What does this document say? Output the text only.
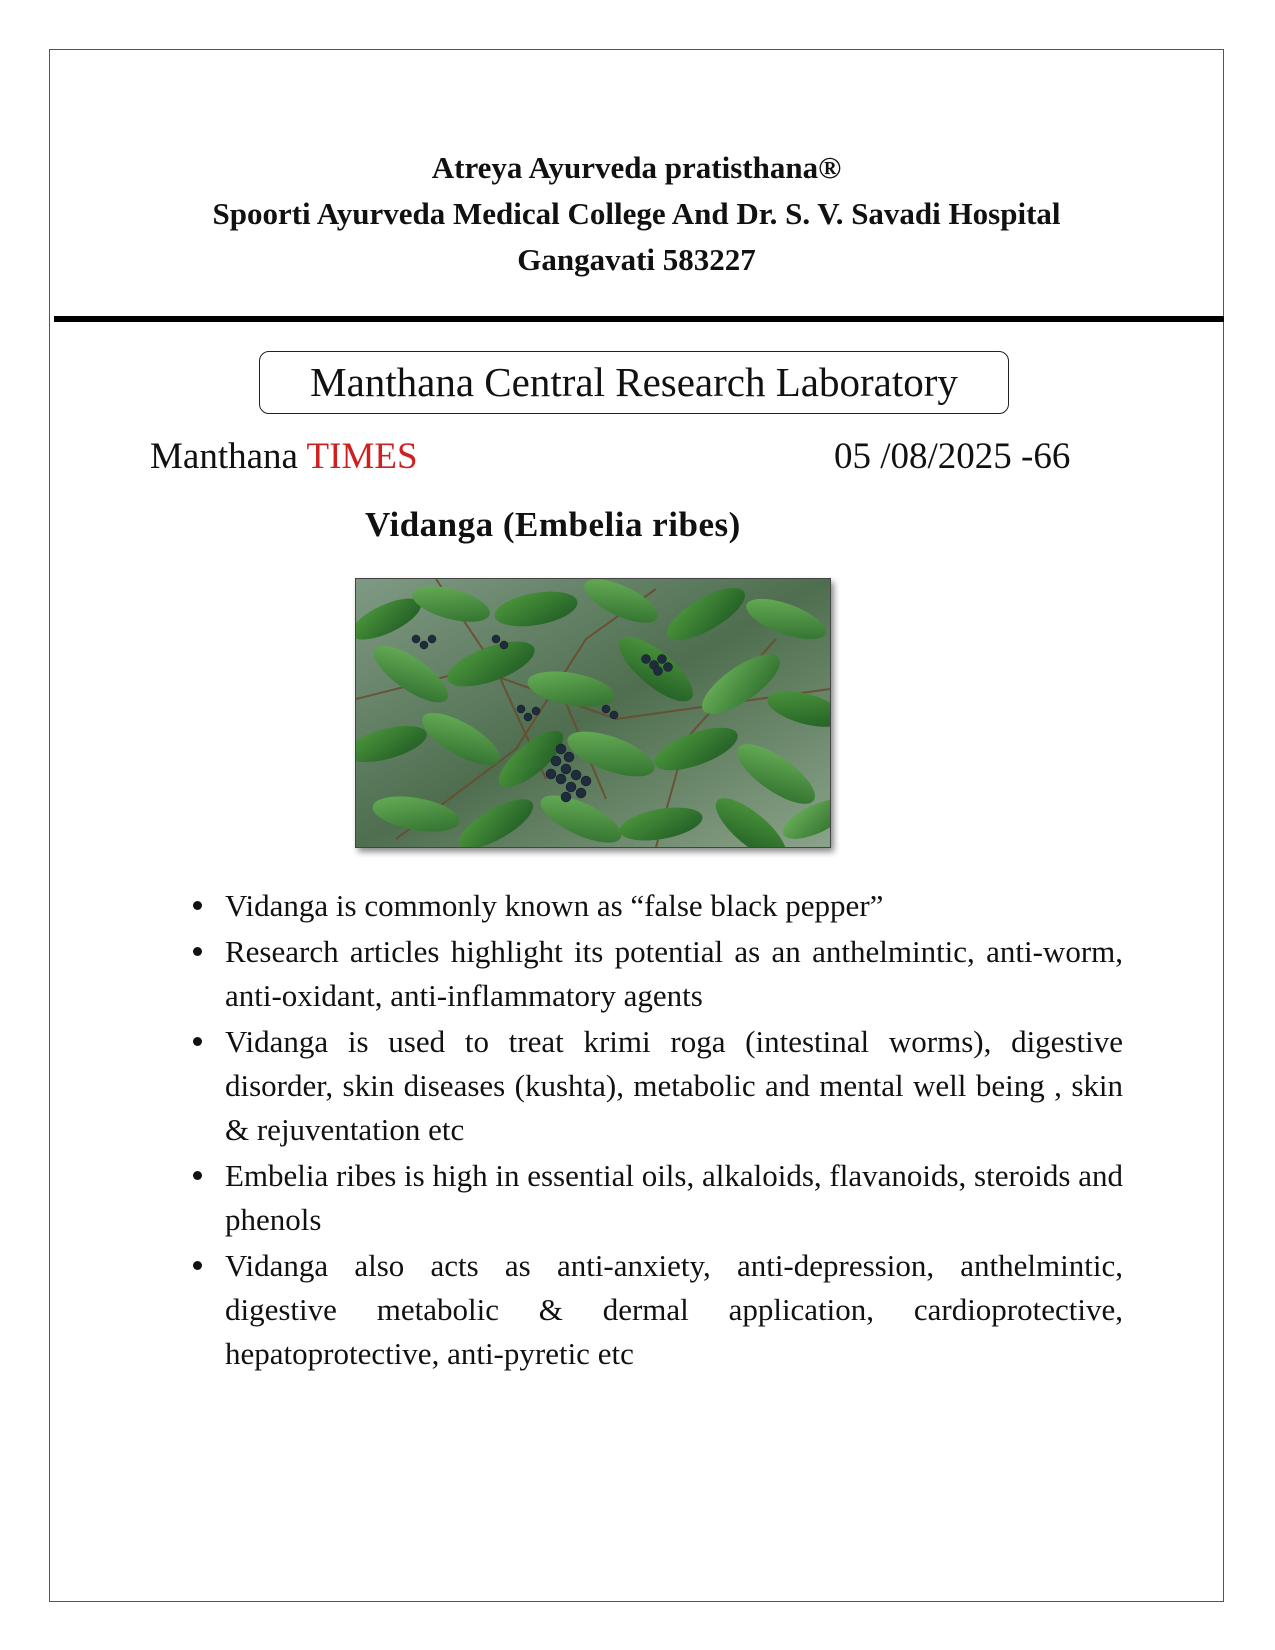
Atreya Ayurveda pratisthana®
Spoorti Ayurveda Medical College And Dr. S. V. Savadi Hospital
Gangavati 583227
Manthana Central Research Laboratory
Manthana TIMES	05 /08/2025 -66
Vidanga (Embelia ribes)
Vidanga is commonly known as “false black pepper”
Research articles highlight its potential as an anthelmintic, anti-worm, anti-oxidant, anti-inflammatory agents
Vidanga is used to treat krimi roga (intestinal worms), digestive disorder, skin diseases (kushta), metabolic and mental well being , skin & rejuventation etc
Embelia ribes is high in essential oils, alkaloids, flavanoids, steroids and phenols
Vidanga also acts as anti-anxiety, anti-depression, anthelmintic, digestive metabolic & dermal application, cardioprotective, hepatoprotective, anti-pyretic etc
